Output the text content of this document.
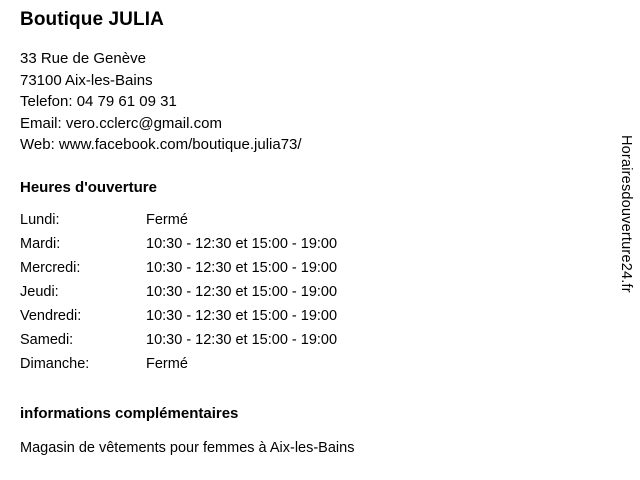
Boutique JULIA
33 Rue de Genève
73100 Aix-les-Bains
Telefon: 04 79 61 09 31
Email: vero.cclerc@gmail.com
Web: www.facebook.com/boutique.julia73/
Heures d'ouverture
Lundi:	Fermé
Mardi:	10:30 - 12:30 et 15:00 - 19:00
Mercredi:	10:30 - 12:30 et 15:00 - 19:00
Jeudi:	10:30 - 12:30 et 15:00 - 19:00
Vendredi:	10:30 - 12:30 et 15:00 - 19:00
Samedi:	10:30 - 12:30 et 15:00 - 19:00
Dimanche:	Fermé
informations complémentaires
Magasin de vêtements pour femmes à Aix-les-Bains
Horairesdouverture24.fr
